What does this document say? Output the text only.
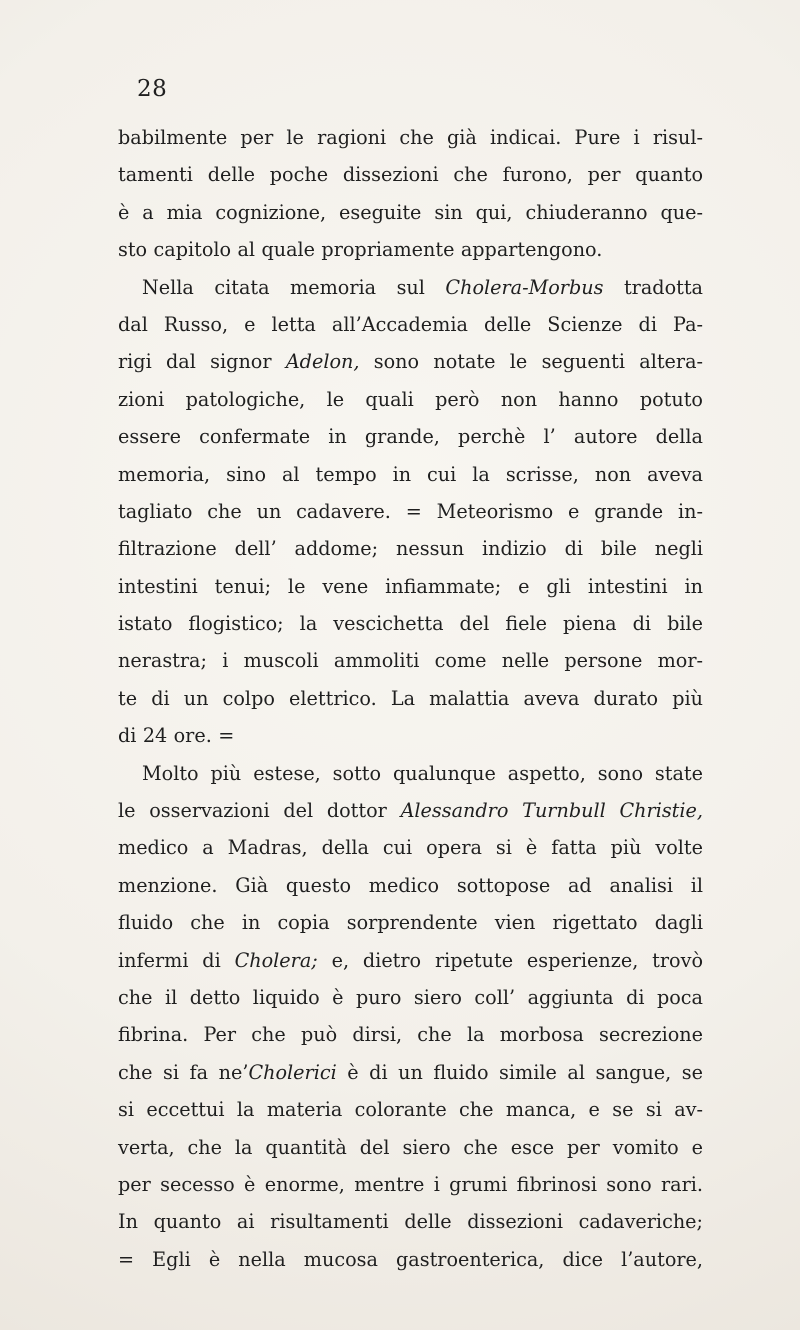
28
babilmente per le ragioni che già indicai. Pure i risul-
tamenti delle poche dissezioni che furono, per quanto
è a mia cognizione, eseguite sin qui, chiuderanno que-
sto capitolo al quale propriamente appartengono.
Nella citata memoria sul Cholera-Morbus tradotta
dal Russo, e letta all’Accademia delle Scienze di Pa-
rigi dal signor Adelon, sono notate le seguenti altera-
zioni patologiche, le quali però non hanno potuto
essere confermate in grande, perchè l’ autore della
memoria, sino al tempo in cui la scrisse, non aveva
tagliato che un cadavere. = Meteorismo e grande in-
filtrazione dell’ addome; nessun indizio di bile negli
intestini tenui; le vene infiammate; e gli intestini in
istato flogistico; la vescichetta del fiele piena di bile
nerastra; i muscoli ammoliti come nelle persone mor-
te di un colpo elettrico. La malattia aveva durato più
di 24 ore. =
Molto più estese, sotto qualunque aspetto, sono state
le osservazioni del dottor Alessandro Turnbull Christie,
medico a Madras, della cui opera si è fatta più volte
menzione. Già questo medico sottopose ad analisi il
fluido che in copia sorprendente vien rigettato dagli
infermi di Cholera; e, dietro ripetute esperienze, trovò
che il detto liquido è puro siero coll’ aggiunta di poca
fibrina. Per che può dirsi, che la morbosa secrezione
che si fa ne’Cholerici è di un fluido simile al sangue, se
si eccettui la materia colorante che manca, e se si av-
verta, che la quantità del siero che esce per vomito e
per secesso è enorme, mentre i grumi fibrinosi sono rari.
In quanto ai risultamenti delle dissezioni cadaveriche;
= Egli è nella mucosa gastroenterica, dice l’autore,
